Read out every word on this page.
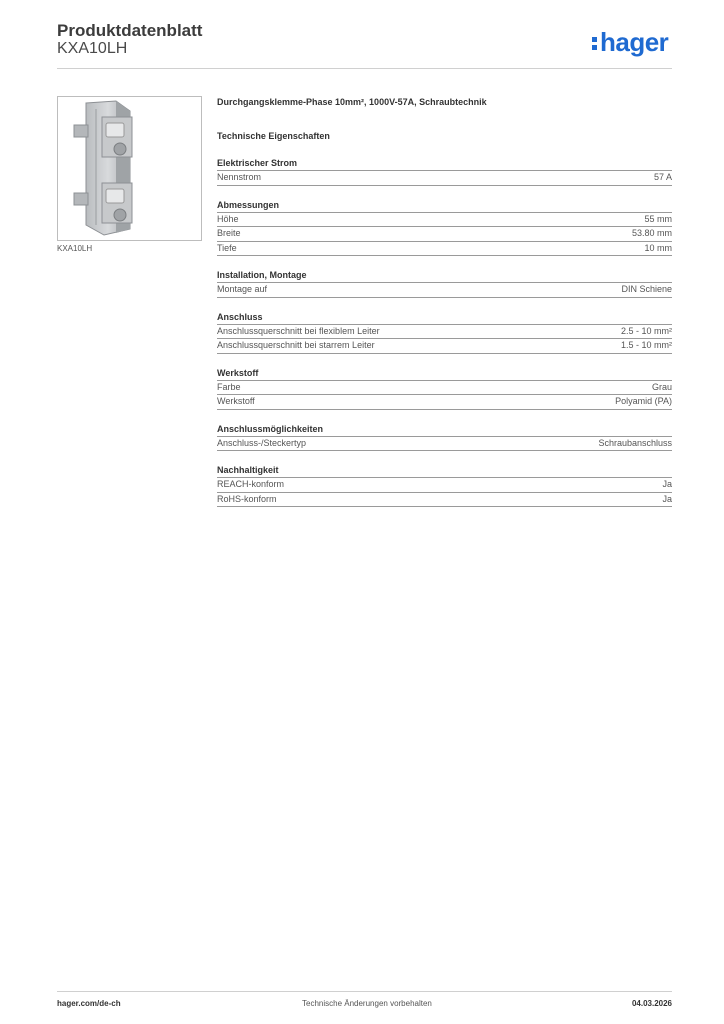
Produktdatenblatt
KXA10LH	hager
KXA10LH
Durchgangsklemme-Phase 10mm², 1000V-57A, Schraubtechnik
Technische Eigenschaften
Elektrischer Strom
Nennstrom	57 A
Abmessungen
Höhe	55 mm
Breite	53.80 mm
Tiefe	10 mm
Installation, Montage
Montage auf	DIN Schiene
Anschluss
Anschlussquerschnitt bei flexiblem Leiter	2.5 - 10 mm²
Anschlussquerschnitt bei starrem Leiter	1.5 - 10 mm²
Werkstoff
Farbe	Grau
Werkstoff	Polyamid (PA)
Anschlussmöglichkeiten
Anschluss-/Steckertyp	Schraubanschluss
Nachhaltigkeit
REACH-konform	Ja
RoHS-konform	Ja
hager.com/de-ch	Technische Änderungen vorbehalten	04.03.2026
